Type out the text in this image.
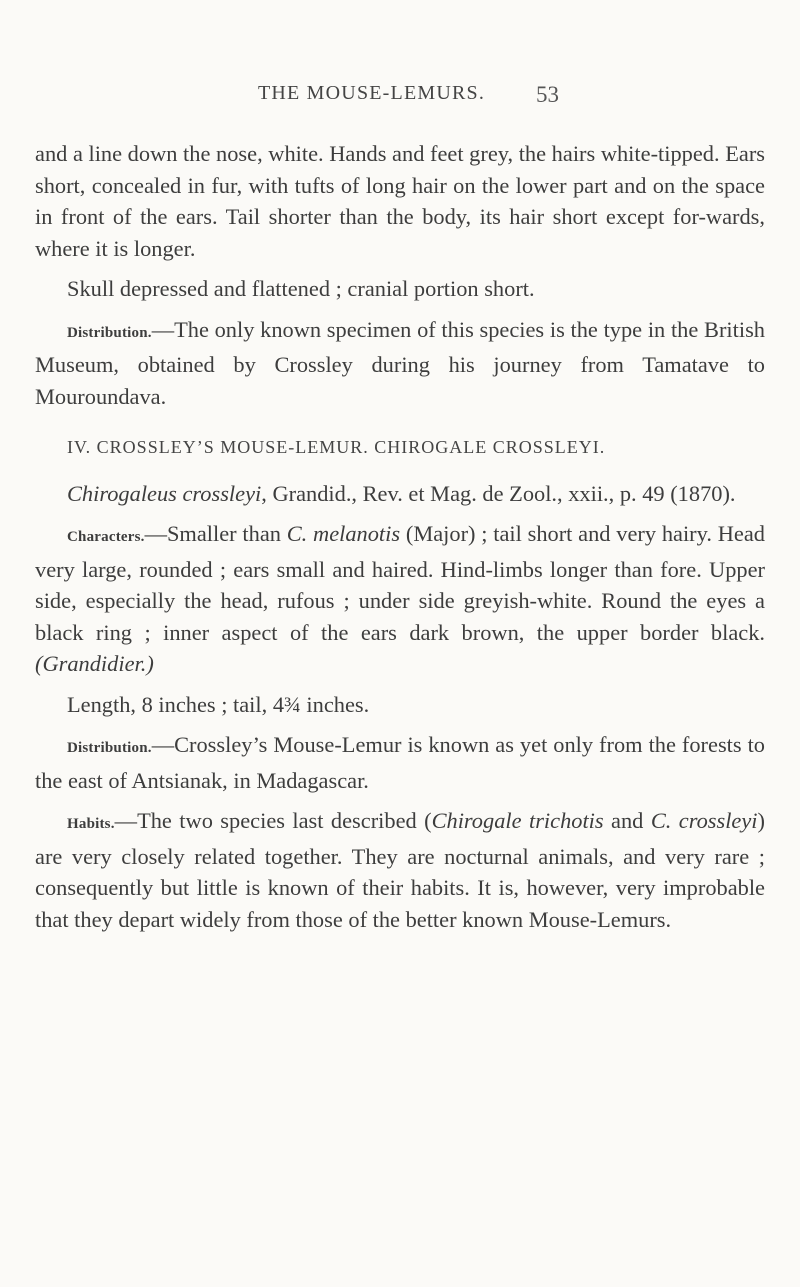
THE MOUSE-LEMURS. 53

and a line down the nose, white. Hands and feet grey, the hairs white-tipped. Ears short, concealed in fur, with tufts of long hair on the lower part and on the space in front of the ears. Tail shorter than the body, its hair short except for-wards, where it is longer.

Skull depressed and flattened ; cranial portion short.

Distribution.—The only known specimen of this species is the type in the British Museum, obtained by Crossley during his journey from Tamatave to Mouroundava.

IV. CROSSLEY’S MOUSE-LEMUR. CHIROGALE CROSSLEYI.

Chirogaleus crossleyi, Grandid., Rev. et Mag. de Zool., xxii., p. 49 (1870).

Characters.—Smaller than C. melanotis (Major) ; tail short and very hairy. Head very large, rounded ; ears small and haired. Hind-limbs longer than fore. Upper side, especially the head, rufous ; under side greyish-white. Round the eyes a black ring ; inner aspect of the ears dark brown, the upper border black. (Grandidier.)

Length, 8 inches ; tail, 4¾ inches.

Distribution.—Crossley’s Mouse-Lemur is known as yet only from the forests to the east of Antsianak, in Madagascar.

Habits.—The two species last described (Chirogale trichotis and C. crossleyi) are very closely related together. They are nocturnal animals, and very rare ; consequently but little is known of their habits. It is, however, very improbable that they depart widely from those of the better known Mouse-Lemurs.
